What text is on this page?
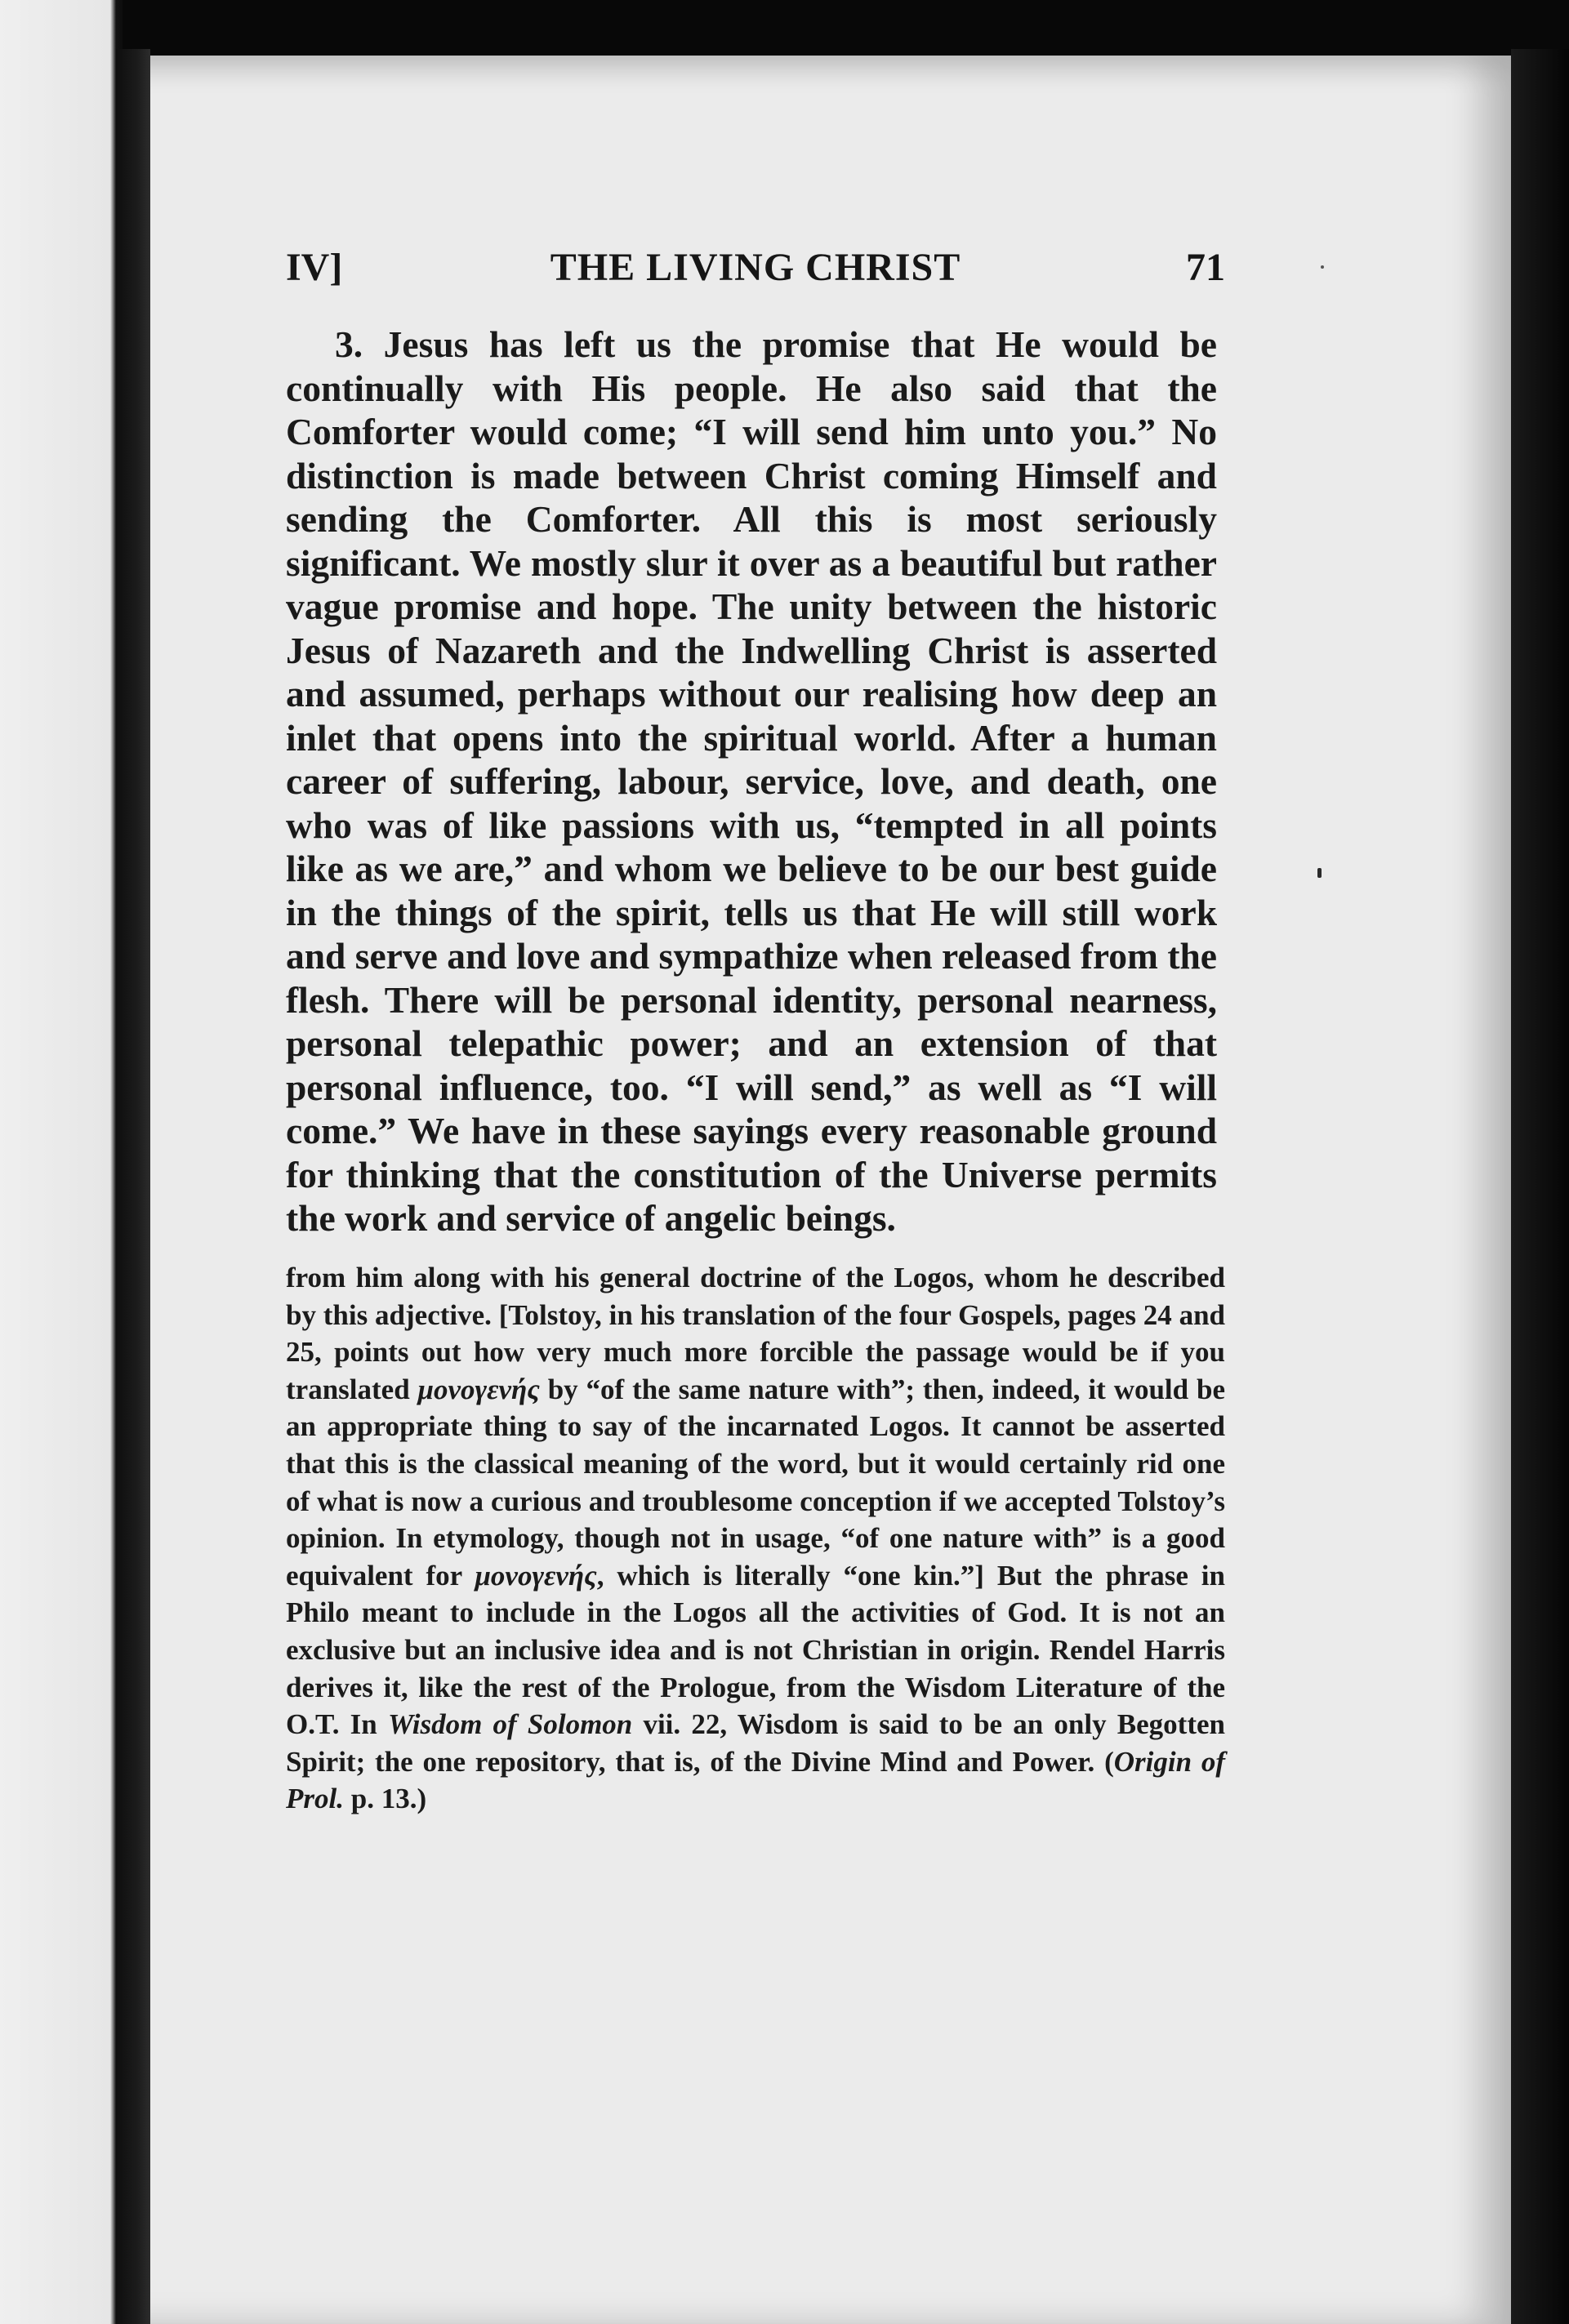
IV]	THE LIVING CHRIST	71

3. Jesus has left us the promise that He would be continually with His people. He also said that the Comforter would come; “I will send him unto you.” No distinction is made between Christ coming Himself and sending the Comforter. All this is most seriously significant. We mostly slur it over as a beautiful but rather vague promise and hope. The unity between the historic Jesus of Nazareth and the Indwelling Christ is asserted and assumed, perhaps without our realising how deep an inlet that opens into the spiritual world. After a human career of suffering, labour, service, love, and death, one who was of like passions with us, “tempted in all points like as we are,” and whom we believe to be our best guide in the things of the spirit, tells us that He will still work and serve and love and sympathize when released from the flesh. There will be personal identity, personal nearness, personal telepathic power; and an extension of that personal influence, too. “I will send,” as well as “I will come.” We have in these sayings every reasonable ground for thinking that the constitution of the Universe permits the work and service of angelic beings.

from him along with his general doctrine of the Logos, whom he described by this adjective. [Tolstoy, in his translation of the four Gospels, pages 24 and 25, points out how very much more forcible the passage would be if you translated μονογενής by “of the same nature with”; then, indeed, it would be an appropriate thing to say of the incarnated Logos. It cannot be asserted that this is the classical meaning of the word, but it would certainly rid one of what is now a curious and troublesome conception if we accepted Tolstoy’s opinion. In etymology, though not in usage, “of one nature with” is a good equivalent for μονογενής, which is literally “one kin.”] But the phrase in Philo meant to include in the Logos all the activities of God. It is not an exclusive but an inclusive idea and is not Christian in origin. Rendel Harris derives it, like the rest of the Prologue, from the Wisdom Literature of the O.T. In Wisdom of Solomon vii. 22, Wisdom is said to be an only Begotten Spirit; the one repository, that is, of the Divine Mind and Power. (Origin of Prol. p. 13.)
